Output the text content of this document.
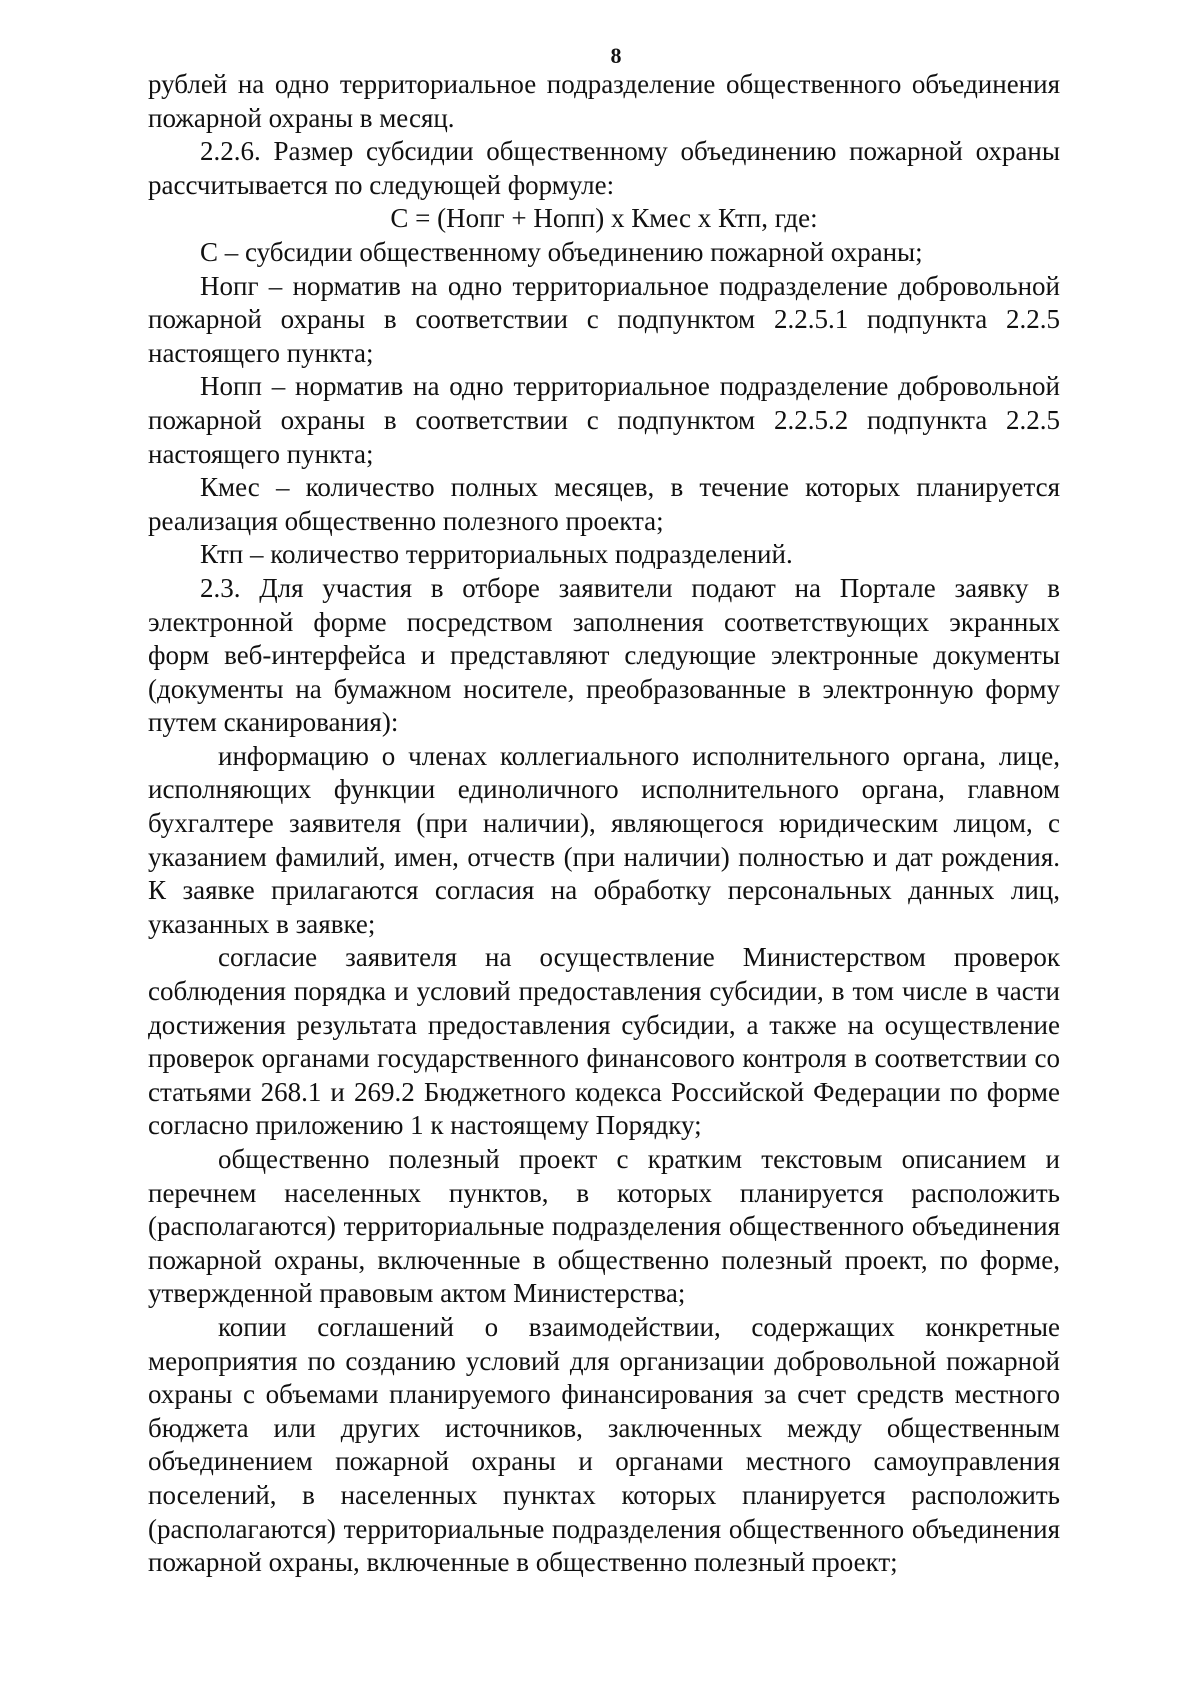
8

рублей на одно территориальное подразделение общественного объединения пожарной охраны в месяц.

2.2.6. Размер субсидии общественному объединению пожарной охраны рассчитывается по следующей формуле:

С = (Нопг + Нопп) х Кмес х Ктп, где:

С – субсидии общественному объединению пожарной охраны;

Нопг – норматив на одно территориальное подразделение добровольной пожарной охраны в соответствии с подпунктом 2.2.5.1 подпункта 2.2.5 настоящего пункта;

Нопп – норматив на одно территориальное подразделение добровольной пожарной охраны в соответствии с подпунктом 2.2.5.2 подпункта 2.2.5 настоящего пункта;

Кмес – количество полных месяцев, в течение которых планируется реализация общественно полезного проекта;

Ктп – количество территориальных подразделений.

2.3. Для участия в отборе заявители подают на Портале заявку в электронной форме посредством заполнения соответствующих экранных форм веб-интерфейса и представляют следующие электронные документы (документы на бумажном носителе, преобразованные в электронную форму путем сканирования):

информацию о членах коллегиального исполнительного органа, лице, исполняющих функции единоличного исполнительного органа, главном бухгалтере заявителя (при наличии), являющегося юридическим лицом, с указанием фамилий, имен, отчеств (при наличии) полностью и дат рождения. К заявке прилагаются согласия на обработку персональных данных лиц, указанных в заявке;

согласие заявителя на осуществление Министерством проверок соблюдения порядка и условий предоставления субсидии, в том числе в части достижения результата предоставления субсидии, а также на осуществление проверок органами государственного финансового контроля в соответствии со статьями 268.1 и 269.2 Бюджетного кодекса Российской Федерации по форме согласно приложению 1 к настоящему Порядку;

общественно полезный проект с кратким текстовым описанием и перечнем населенных пунктов, в которых планируется расположить (располагаются) территориальные подразделения общественного объединения пожарной охраны, включенные в общественно полезный проект, по форме, утвержденной правовым актом Министерства;

копии соглашений о взаимодействии, содержащих конкретные мероприятия по созданию условий для организации добровольной пожарной охраны с объемами планируемого финансирования за счет средств местного бюджета или других источников, заключенных между общественным объединением пожарной охраны и органами местного самоуправления поселений, в населенных пунктах которых планируется расположить (располагаются) территориальные подразделения общественного объединения пожарной охраны, включенные в общественно полезный проект;
